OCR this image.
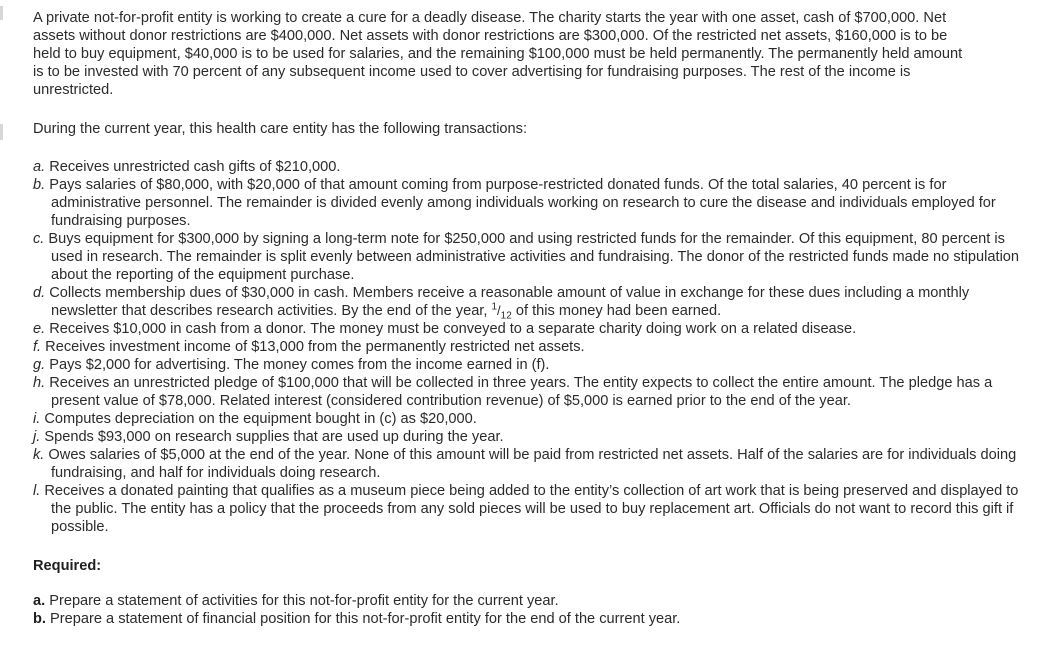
A private not-for-profit entity is working to create a cure for a deadly disease. The charity starts the year with one asset, cash of $700,000. Net assets without donor restrictions are $400,000. Net assets with donor restrictions are $300,000. Of the restricted net assets, $160,000 is to be held to buy equipment, $40,000 is to be used for salaries, and the remaining $100,000 must be held permanently. The permanently held amount is to be invested with 70 percent of any subsequent income used to cover advertising for fundraising purposes. The rest of the income is unrestricted.

During the current year, this health care entity has the following transactions:

a. Receives unrestricted cash gifts of $210,000.
b. Pays salaries of $80,000, with $20,000 of that amount coming from purpose-restricted donated funds. Of the total salaries, 40 percent is for administrative personnel. The remainder is divided evenly among individuals working on research to cure the disease and individuals employed for fundraising purposes.
c. Buys equipment for $300,000 by signing a long-term note for $250,000 and using restricted funds for the remainder. Of this equipment, 80 percent is used in research. The remainder is split evenly between administrative activities and fundraising. The donor of the restricted funds made no stipulation about the reporting of the equipment purchase.
d. Collects membership dues of $30,000 in cash. Members receive a reasonable amount of value in exchange for these dues including a monthly newsletter that describes research activities. By the end of the year, $^1/_{12}$ of this money had been earned.
e. Receives $10,000 in cash from a donor. The money must be conveyed to a separate charity doing work on a related disease.
f. Receives investment income of $13,000 from the permanently restricted net assets.
g. Pays $2,000 for advertising. The money comes from the income earned in (f).
h. Receives an unrestricted pledge of $100,000 that will be collected in three years. The entity expects to collect the entire amount. The pledge has a present value of $78,000. Related interest (considered contribution revenue) of $5,000 is earned prior to the end of the year.
i. Computes depreciation on the equipment bought in (c) as $20,000.
j. Spends $93,000 on research supplies that are used up during the year.
k. Owes salaries of $5,000 at the end of the year. None of this amount will be paid from restricted net assets. Half of the salaries are for individuals doing fundraising, and half for individuals doing research.
l. Receives a donated painting that qualifies as a museum piece being added to the entity’s collection of art work that is being preserved and displayed to the public. The entity has a policy that the proceeds from any sold pieces will be used to buy replacement art. Officials do not want to record this gift if possible.

Required:

a. Prepare a statement of activities for this not-for-profit entity for the current year.

b. Prepare a statement of financial position for this not-for-profit entity for the end of the current year.
